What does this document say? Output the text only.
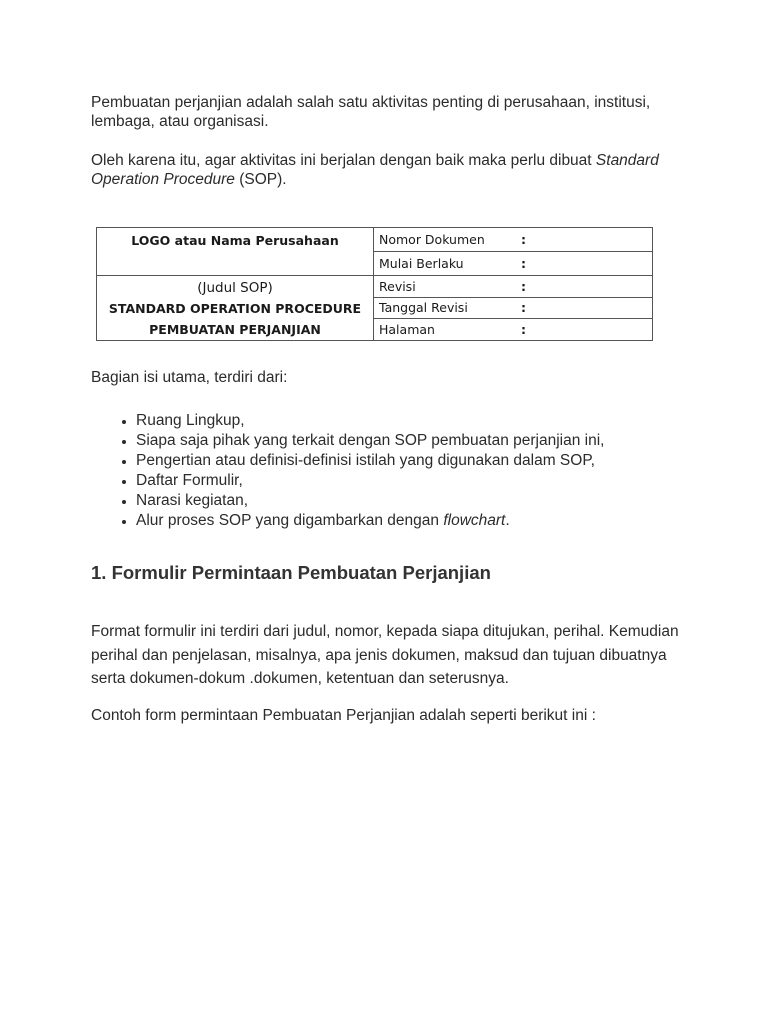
Pembuatan perjanjian adalah salah satu aktivitas penting di perusahaan, institusi, lembaga, atau organisasi.

Oleh karena itu, agar aktivitas ini berjalan dengan baik maka perlu dibuat Standard Operation Procedure (SOP).

LOGO atau Nama Perusahaan	Nomor Dokumen :
	Mulai Berlaku :

(Judul SOP)
STANDARD OPERATION PROCEDURE
PEMBUATAN PERJANJIAN	Revisi :
	Tanggal Revisi :
	Halaman :

Bagian isi utama, terdiri dari:

• Ruang Lingkup,
• Siapa saja pihak yang terkait dengan SOP pembuatan perjanjian ini,
• Pengertian atau definisi-definisi istilah yang digunakan dalam SOP,
• Daftar Formulir,
• Narasi kegiatan,
• Alur proses SOP yang digambarkan dengan flowchart.
1. Formulir Permintaan Pembuatan Perjanjian

Format formulir ini terdiri dari judul, nomor, kepada siapa ditujukan, perihal. Kemudian perihal dan penjelasan, misalnya, apa jenis dokumen, maksud dan tujuan dibuatnya serta dokumen-dokum .dokumen, ketentuan dan seterusnya.

Contoh form permintaan Pembuatan Perjanjian adalah seperti berikut ini :
